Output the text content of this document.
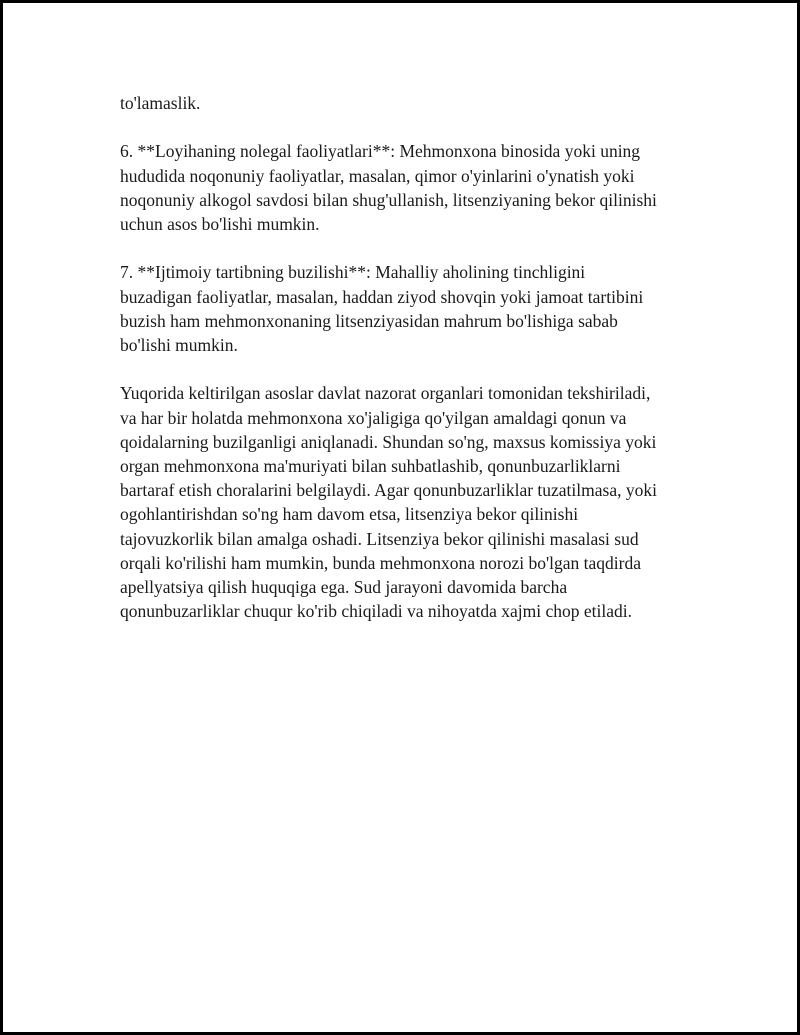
to'lamaslik.

6. **Loyihaning nolegal faoliyatlari**: Mehmonxona binosida yoki uning
hududida noqonuniy faoliyatlar, masalan, qimor o'yinlarini o'ynatish yoki
noqonuniy alkogol savdosi bilan shug'ullanish, litsenziyaning bekor qilinishi
uchun asos bo'lishi mumkin.

7. **Ijtimoiy tartibning buzilishi**: Mahalliy aholining tinchligini
buzadigan faoliyatlar, masalan, haddan ziyod shovqin yoki jamoat tartibini
buzish ham mehmonxonaning litsenziyasidan mahrum bo'lishiga sabab
bo'lishi mumkin.

Yuqorida keltirilgan asoslar davlat nazorat organlari tomonidan tekshiriladi,
va har bir holatda mehmonxona xo'jaligiga qo'yilgan amaldagi qonun va
qoidalarning buzilganligi aniqlanadi. Shundan so'ng, maxsus komissiya yoki
organ mehmonxona ma'muriyati bilan suhbatlashib, qonunbuzarliklarni
bartaraf etish choralarini belgilaydi. Agar qonunbuzarliklar tuzatilmasa, yoki
ogohlantirishdan so'ng ham davom etsa, litsenziya bekor qilinishi
tajovuzkorlik bilan amalga oshadi. Litsenziya bekor qilinishi masalasi sud
orqali ko'rilishi ham mumkin, bunda mehmonxona norozi bo'lgan taqdirda
apellyatsiya qilish huquqiga ega. Sud jarayoni davomida barcha
qonunbuzarliklar chuqur ko'rib chiqiladi va nihoyatda xajmi chop etiladi.
